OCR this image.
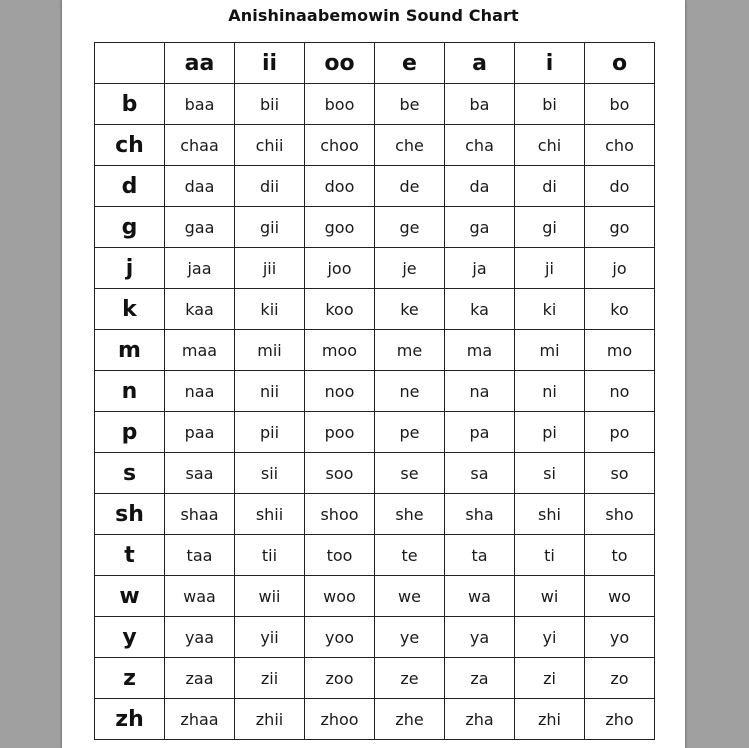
Anishinaabemowin Sound Chart
	aa	ii	oo	e	a	i	o
b	baa	bii	boo	be	ba	bi	bo
ch	chaa	chii	choo	che	cha	chi	cho
d	daa	dii	doo	de	da	di	do
g	gaa	gii	goo	ge	ga	gi	go
j	jaa	jii	joo	je	ja	ji	jo
k	kaa	kii	koo	ke	ka	ki	ko
m	maa	mii	moo	me	ma	mi	mo
n	naa	nii	noo	ne	na	ni	no
p	paa	pii	poo	pe	pa	pi	po
s	saa	sii	soo	se	sa	si	so
sh	shaa	shii	shoo	she	sha	shi	sho
t	taa	tii	too	te	ta	ti	to
w	waa	wii	woo	we	wa	wi	wo
y	yaa	yii	yoo	ye	ya	yi	yo
z	zaa	zii	zoo	ze	za	zi	zo
zh	zhaa	zhii	zhoo	zhe	zha	zhi	zho
